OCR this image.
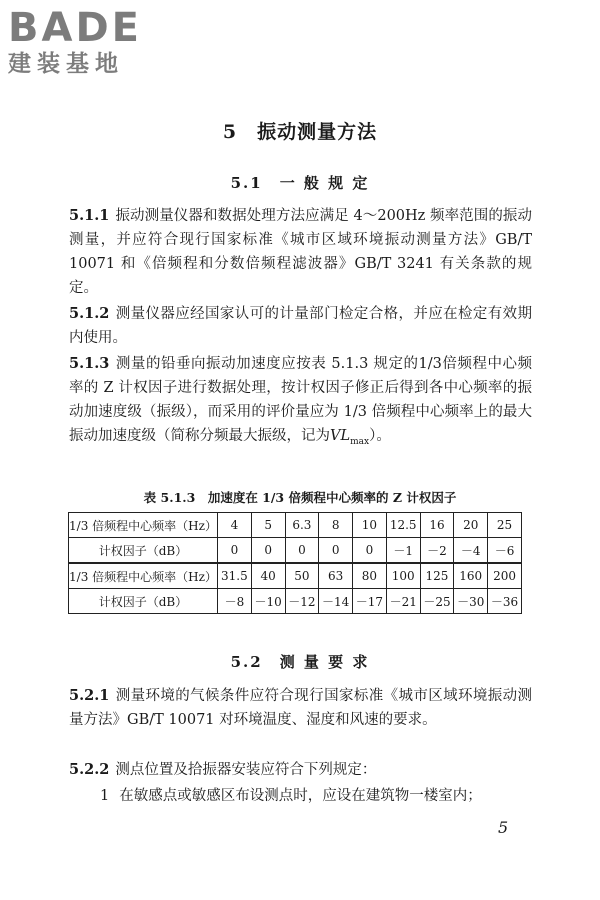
BADE
建装基地
5　振动测量方法
5.1　一 般 规 定

5.1.1 振动测量仪器和数据处理方法应满足 4～200Hz 频率范围的振动测量，并应符合现行国家标准《城市区域环境振动测量方法》GB/T 10071 和《倍频程和分数倍频程滤波器》GB/T 3241 有关条款的规定。

5.1.2 测量仪器应经国家认可的计量部门检定合格，并应在检定有效期内使用。

5.1.3 测量的铅垂向振动加速度应按表 5.1.3 规定的1/3倍频程中心频率的 Z 计权因子进行数据处理，按计权因子修正后得到各中心频率的振动加速度级（振级），而采用的评价量应为 1/3 倍频程中心频率上的最大振动加速度级（简称分频最大振级，记为$VL_{max}$）。

表 5.1.3　加速度在 1/3 倍频程中心频率的 Z 计权因子
1/3 倍频程中心频率（Hz）	4	5	6.3	8	10	12.5	16	20	25
计权因子（dB）	0	0	0	0	0	－1	－2	－4	－6
1/3 倍频程中心频率（Hz）	31.5	40	50	63	80	100	125	160	200
计权因子（dB）	－8	－10	－12	－14	－17	－21	－25	－30	－36
5.2　测 量 要 求

5.2.1 测量环境的气候条件应符合现行国家标准《城市区域环境振动测量方法》GB/T 10071 对环境温度、湿度和风速的要求。

5.2.2 测点位置及拾振器安装应符合下列规定：

1 在敏感点或敏感区布设测点时，应设在建筑物一楼室内；
5
